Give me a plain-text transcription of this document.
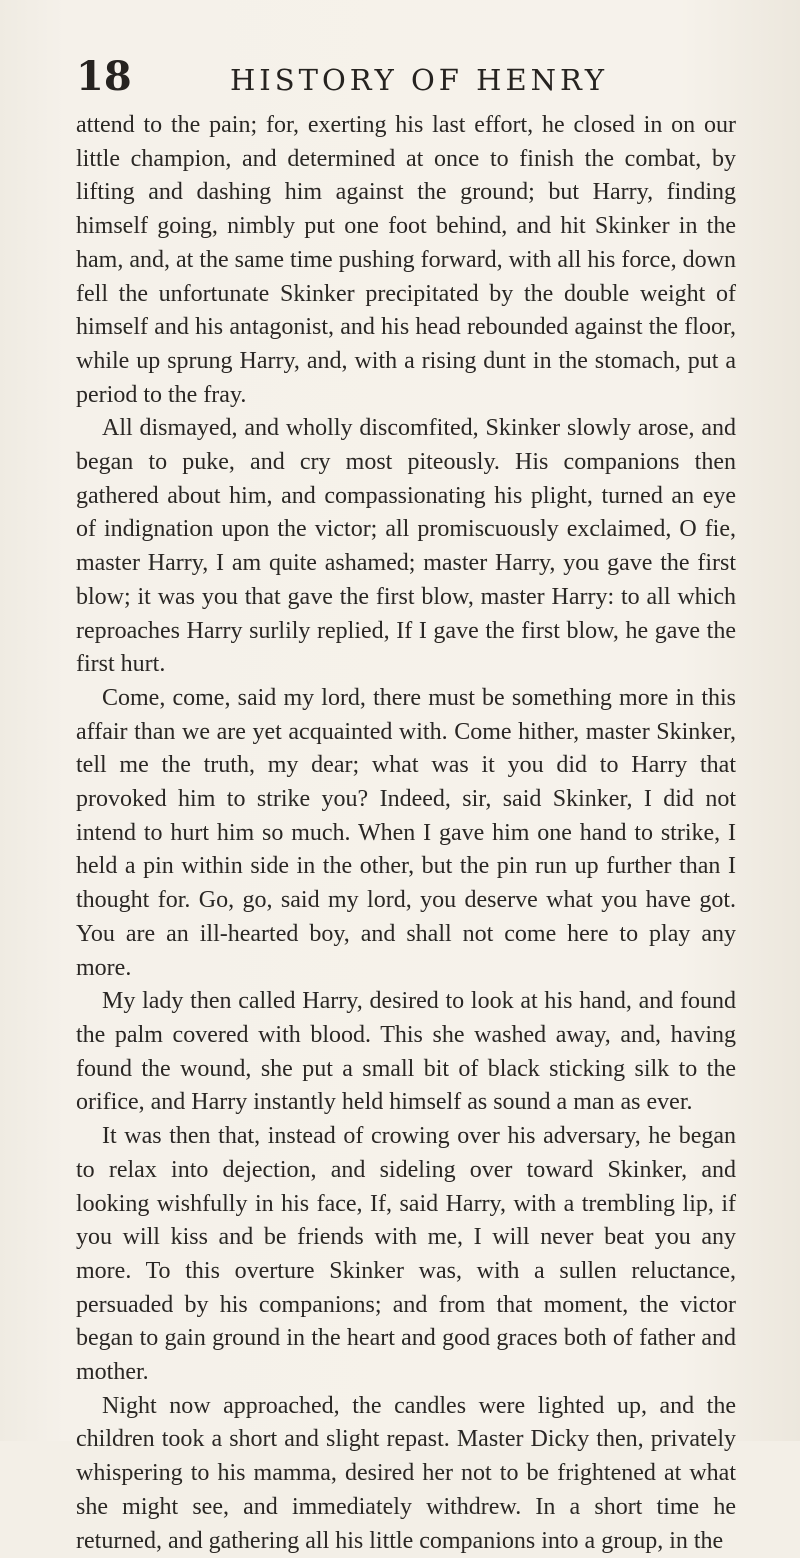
18	HISTORY OF HENRY

attend to the pain; for, exerting his last effort, he closed in on our little champion, and determined at once to finish the combat, by lifting and dashing him against the ground; but Harry, finding himself going, nimbly put one foot behind, and hit Skinker in the ham, and, at the same time pushing forward, with all his force, down fell the unfortunate Skinker precipitated by the double weight of himself and his antagonist, and his head rebounded against the floor, while up sprung Harry, and, with a rising dunt in the stomach, put a period to the fray.

All dismayed, and wholly discomfited, Skinker slowly arose, and began to puke, and cry most piteously. His companions then gathered about him, and compassionating his plight, turned an eye of indignation upon the victor; all promiscuously exclaimed, O fie, master Harry, I am quite ashamed; master Harry, you gave the first blow; it was you that gave the first blow, master Harry: to all which reproaches Harry surlily replied, If I gave the first blow, he gave the first hurt.

Come, come, said my lord, there must be something more in this affair than we are yet acquainted with. Come hither, master Skinker, tell me the truth, my dear; what was it you did to Harry that provoked him to strike you? Indeed, sir, said Skinker, I did not intend to hurt him so much. When I gave him one hand to strike, I held a pin within side in the other, but the pin run up further than I thought for. Go, go, said my lord, you deserve what you have got. You are an ill-hearted boy, and shall not come here to play any more.

My lady then called Harry, desired to look at his hand, and found the palm covered with blood. This she washed away, and, having found the wound, she put a small bit of black sticking silk to the orifice, and Harry instantly held himself as sound a man as ever.

It was then that, instead of crowing over his adversary, he began to relax into dejection, and sideling over toward Skinker, and looking wishfully in his face, If, said Harry, with a trembling lip, if you will kiss and be friends with me, I will never beat you any more. To this overture Skinker was, with a sullen reluctance, persuaded by his companions; and from that moment, the victor began to gain ground in the heart and good graces both of father and mother.

Night now approached, the candles were lighted up, and the children took a short and slight repast. Master Dicky then, privately whispering to his mamma, desired her not to be frightened at what she might see, and immediately withdrew. In a short time he returned, and gathering all his little companions into a group, in the
